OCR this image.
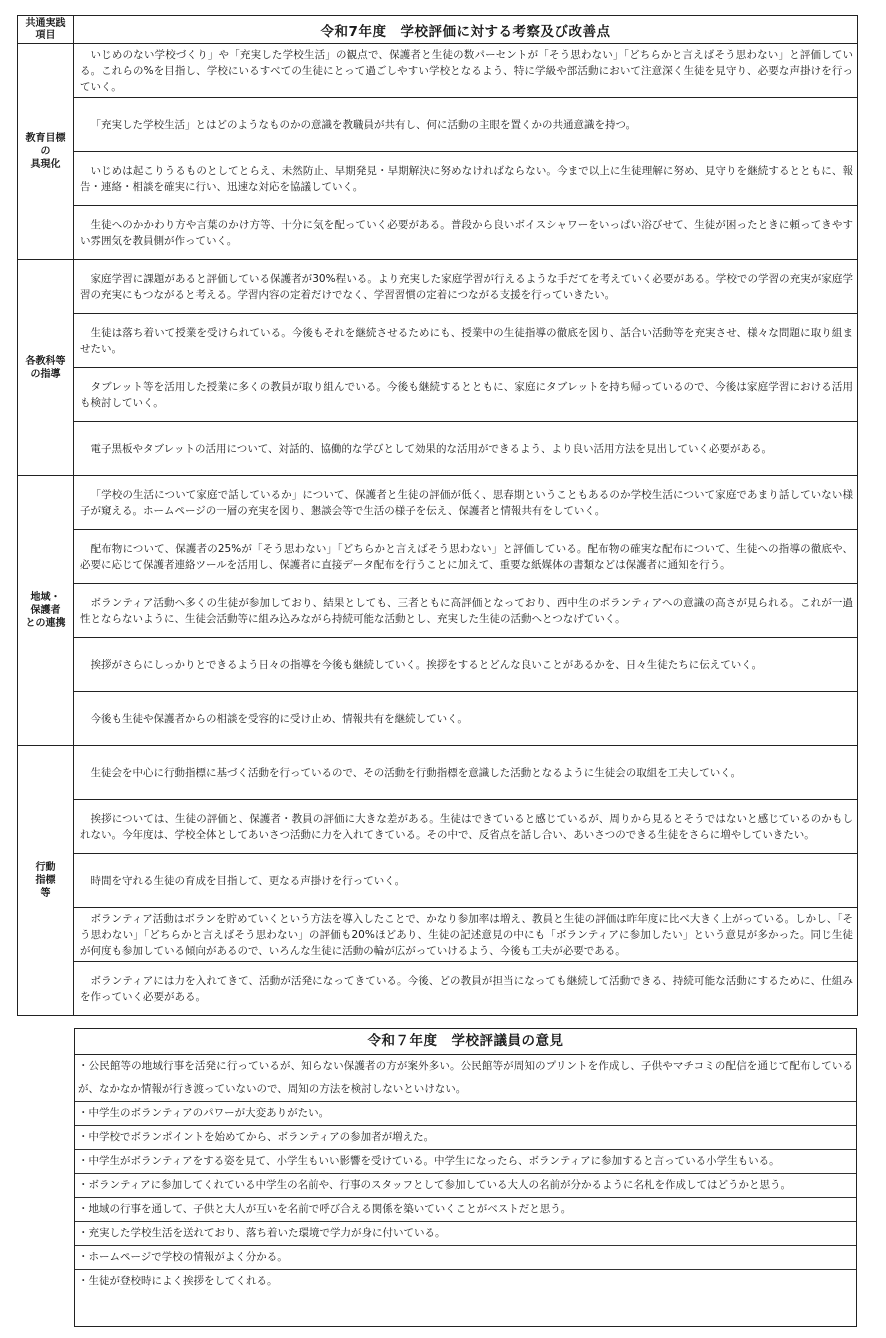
共通実践
項目	令和7年度　学校評価に対する考察及び改善点
教育目標
の
具現化	いじめのない学校づくり」や「充実した学校生活」の観点で、保護者と生徒の数パーセントが「そう思わない」「どちらかと言えばそう思わない」と評価している。これらの%を目指し、学校にいるすべての生徒にとって過ごしやすい学校となるよう、特に学級や部活動において注意深く生徒を見守り、必要な声掛けを行っていく。
	「充実した学校生活」とはどのようなものかの意識を教職員が共有し、何に活動の主眼を置くかの共通意識を持つ。
	いじめは起こりうるものとしてとらえ、未然防止、早期発見・早期解決に努めなければならない。今まで以上に生徒理解に努め、見守りを継続するとともに、報告・連絡・相談を確実に行い、迅速な対応を協議していく。
	生徒へのかかわり方や言葉のかけ方等、十分に気を配っていく必要がある。普段から良いボイスシャワーをいっぱい浴びせて、生徒が困ったときに頼ってきやすい雰囲気を教員側が作っていく。
各教科等
の指導	家庭学習に課題があると評価している保護者が30%程いる。より充実した家庭学習が行えるような手だてを考えていく必要がある。学校での学習の充実が家庭学習の充実にもつながると考える。学習内容の定着だけでなく、学習習慣の定着につながる支援を行っていきたい。
	生徒は落ち着いて授業を受けられている。今後もそれを継続させるためにも、授業中の生徒指導の徹底を図り、話合い活動等を充実させ、様々な問題に取り組ませたい。
	タブレット等を活用した授業に多くの教員が取り組んでいる。今後も継続するとともに、家庭にタブレットを持ち帰っているので、今後は家庭学習における活用も検討していく。
	電子黒板やタブレットの活用について、対話的、協働的な学びとして効果的な活用ができるよう、より良い活用方法を見出していく必要がある。
地域・
保護者
との連携	「学校の生活について家庭で話しているか」について、保護者と生徒の評価が低く、思春期ということもあるのか学校生活について家庭であまり話していない様子が窺える。ホームページの一層の充実を図り、懇談会等で生活の様子を伝え、保護者と情報共有をしていく。
	配布物について、保護者の25%が「そう思わない」「どちらかと言えばそう思わない」と評価している。配布物の確実な配布について、生徒への指導の徹底や、必要に応じて保護者連絡ツールを活用し、保護者に直接データ配布を行うことに加えて、重要な紙媒体の書類などは保護者に通知を行う。
	ボランティア活動へ多くの生徒が参加しており、結果としても、三者ともに高評価となっており、西中生のボランティアへの意識の高さが見られる。これが一過性とならないように、生徒会活動等に組み込みながら持続可能な活動とし、充実した生徒の活動へとつなげていく。
	挨拶がさらにしっかりとできるよう日々の指導を今後も継続していく。挨拶をするとどんな良いことがあるかを、日々生徒たちに伝えていく。
	今後も生徒や保護者からの相談を受容的に受け止め、情報共有を継続していく。
行動
指標
等	生徒会を中心に行動指標に基づく活動を行っているので、その活動を行動指標を意識した活動となるように生徒会の取組を工夫していく。
	挨拶については、生徒の評価と、保護者・教員の評価に大きな差がある。生徒はできていると感じているが、周りから見るとそうではないと感じているのかもしれない。今年度は、学校全体としてあいさつ活動に力を入れてきている。その中で、反省点を話し合い、あいさつのできる生徒をさらに増やしていきたい。
	時間を守れる生徒の育成を目指して、更なる声掛けを行っていく。
	ボランティア活動はボランを貯めていくという方法を導入したことで、かなり参加率は増え、教員と生徒の評価は昨年度に比べ大きく上がっている。しかし、「そう思わない」「どちらかと言えばそう思わない」の評価も20%ほどあり、生徒の記述意見の中にも「ボランティアに参加したい」という意見が多かった。同じ生徒が何度も参加している傾向があるので、いろんな生徒に活動の輪が広がっていけるよう、今後も工夫が必要である。
	ボランティアには力を入れてきて、活動が活発になってきている。今後、どの教員が担当になっても継続して活動できる、持続可能な活動にするために、仕組みを作っていく必要がある。
令和７年度　学校評議員の意見
・公民館等の地域行事を活発に行っているが、知らない保護者の方が案外多い。公民館等が周知のプリントを作成し、子供やマチコミの配信を通じて配布しているが、なかなか情報が行き渡っていないので、周知の方法を検討しないといけない。
・中学生のボランティアのパワーが大変ありがたい。
・中学校でボランポイントを始めてから、ボランティアの参加者が増えた。
・中学生がボランティアをする姿を見て、小学生もいい影響を受けている。中学生になったら、ボランティアに参加すると言っている小学生もいる。
・ボランティアに参加してくれている中学生の名前や、行事のスタッフとして参加している大人の名前が分かるように名札を作成してはどうかと思う。
・地域の行事を通して、子供と大人が互いを名前で呼び合える関係を築いていくことがベストだと思う。
・充実した学校生活を送れており、落ち着いた環境で学力が身に付いている。
・ホームページで学校の情報がよく分かる。
・生徒が登校時によく挨拶をしてくれる。
